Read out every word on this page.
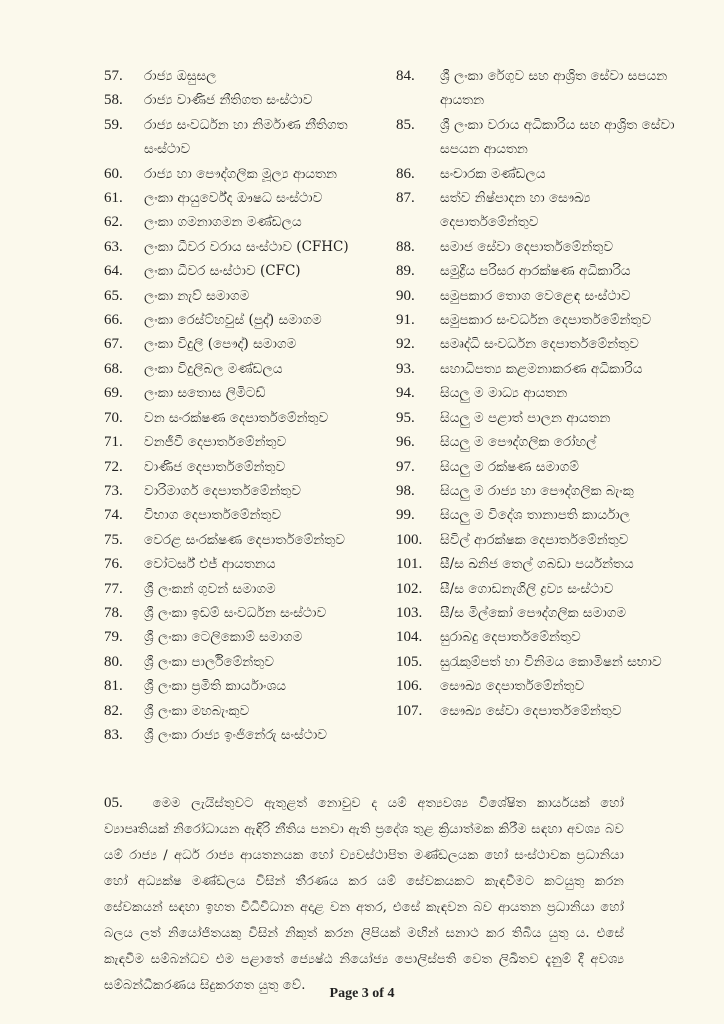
57.	රාජ්‍ය ඔසුසල
58.	රාජ්‍ය වාණිජ නීතිගත සංස්ථාව
59.	රාජ්‍ය සංවර්ධන හා නිර්මාණ නීතිගත සංස්ථාව
60.	රාජ්‍ය හා පෞද්ගලික මූල්‍ය ආයතන
61.	ලංකා ආයුර්වේද ඖෂධ සංස්ථාව
62.	ලංකා ගමනාගමන මණ්ඩලය
63.	ලංකා ධීවර වරාය සංස්ථාව (CFHC)
64.	ලංකා ධීවර සංස්ථාව (CFC)
65.	ලංකා නැව් සමාගම
66.	ලංකා රෙස්ට්හවුස් (පුද්) සමාගම
67.	ලංකා විදුලි (පෞද්) සමාගම
68.	ලංකා විදුලිබල මණ්ඩලය
69.	ලංකා සතොස ලිමිටඩ්
70.	වන සංරක්ෂණ දෙපාර්තමේන්තුව
71.	වනජීවී දෙපාර්තමේන්තුව
72.	වාණිජ දෙපාර්තමේන්තුව
73.	වාරිමාර්ග දෙපාර්තමේන්තුව
74.	විභාග දෙපාර්තමේන්තුව
75.	වෙරළ සංරක්ෂණ දෙපාර්තමේන්තුව
76.	වෝටර්ස් එජ් ආයතනය
77.	ශ්‍රී ලංකන් ගුවන් සමාගම
78.	ශ්‍රී ලංකා ඉඩම් සංවර්ධන සංස්ථාව
79.	ශ්‍රී ලංකා ටෙලිකොම් සමාගම
80.	ශ්‍රී ලංකා පාර්ලිමේන්තුව
81.	ශ්‍රී ලංකා ප්‍රමිති කාර්යාංශය
82.	ශ්‍රී ලංකා මහබැංකුව
83.	ශ්‍රී ලංකා රාජ්‍ය ඉංජිනේරු සංස්ථාව
84.	ශ්‍රී ලංකා රේගුව සහ ආශ්‍රිත සේවා සපයන ආයතන
85.	ශ්‍රී ලංකා වරාය අධිකාරිය සහ ආශ්‍රිත සේවා සපයන ආයතන
86.	සංචාරක මණ්ඩලය
87.	සත්ව නිෂ්පාදන හා සෞඛ්‍ය දෙපාර්තමේන්තුව
88.	සමාජ සේවා දෙපාර්තමේන්තුව
89.	සමුද්‍රීය පරිසර ආරක්ෂණ අධිකාරිය
90.	සමුපකාර තොග වෙළෙඳ සංස්ථාව
91.	සමුපකාර සංවර්ධන දෙපාර්තමේන්තුව
92.	සමෘද්ධි සංවර්ධන දෙපාර්තමේන්තුව
93.	සහාධිපත්‍ය කළමනාකරණ අධිකාරිය
94.	සියලු ම මාධ්‍ය ආයතන
95.	සියලු ම පළාත් පාලන ආයතන
96.	සියලු ම පෞද්ගලික රෝහල්
97.	සියලු ම රක්ෂණ සමාගම්
98.	සියලු ම රාජ්‍ය හා පෞද්ගලික බැංකු
99.	සියලු ම විදේශ තානාපති කාර්යාල
100.	සිවිල් ආරක්ෂක දෙපාර්තමේන්තුව
101.	සී/ස ඛනිජ තෙල් ගබඩා පර්යන්තය
102.	සී/ස ගොඩනැගිලි ද්‍රව්‍ය සංස්ථාව
103.	සී/ස මිල්කෝ පෞද්ගලික සමාගම
104.	සුරාබදු දෙපාර්තමේන්තුව
105.	සුරැකුම්පත් හා විනිමය කොමිෂන් සභාව
106.	සෞඛ්‍ය දෙපාර්තමේන්තුව
107.	සෞඛ්‍ය සේවා දෙපාර්තමේන්තුව
05. මෙම ලැයිස්තුවට ඇතුළත් නොවුව ද යම් අත්‍යවශ්‍ය විශේෂිත කාර්යයක් හෝ ව්‍යාපෘතියක් නිරෝධායන ඇඳිරි නීතිය පනවා ඇති ප්‍රදේශ තුළ ක්‍රියාත්මක කිරීම සඳහා අවශ්‍ය බව යම් රාජ්‍ය / අර්ධ රාජ්‍ය ආයතනයක හෝ ව්‍යවස්ථාපිත මණ්ඩලයක හෝ සංස්ථාවක ප්‍රධානියා හෝ අධ්‍යක්ෂ මණ්ඩලය විසින් තීරණය කර යම් සේවකයකට කැඳවීමට කටයුතු කරන සේවකයන් සඳහා ඉහත විධිවිධාන අදාළ වන අතර, එසේ කැඳවන බව ආයතන ප්‍රධානියා හෝ බලය ලත් නියෝජිතයකු විසින් නිකුත් කරන ලිපියක් මඟින් සනාථ කර තිබිය යුතු ය. එසේ කැඳවීම සම්බන්ධව එම පළාතේ ජ්‍යෙෂ්ඨ නියෝජ්‍ය පොලිස්පති වෙත ලිඛිතව දැනුම් දී අවශ්‍ය සම්බන්ධීකරණය සිදුකරගත යුතු වේ.
Page 3 of 4
